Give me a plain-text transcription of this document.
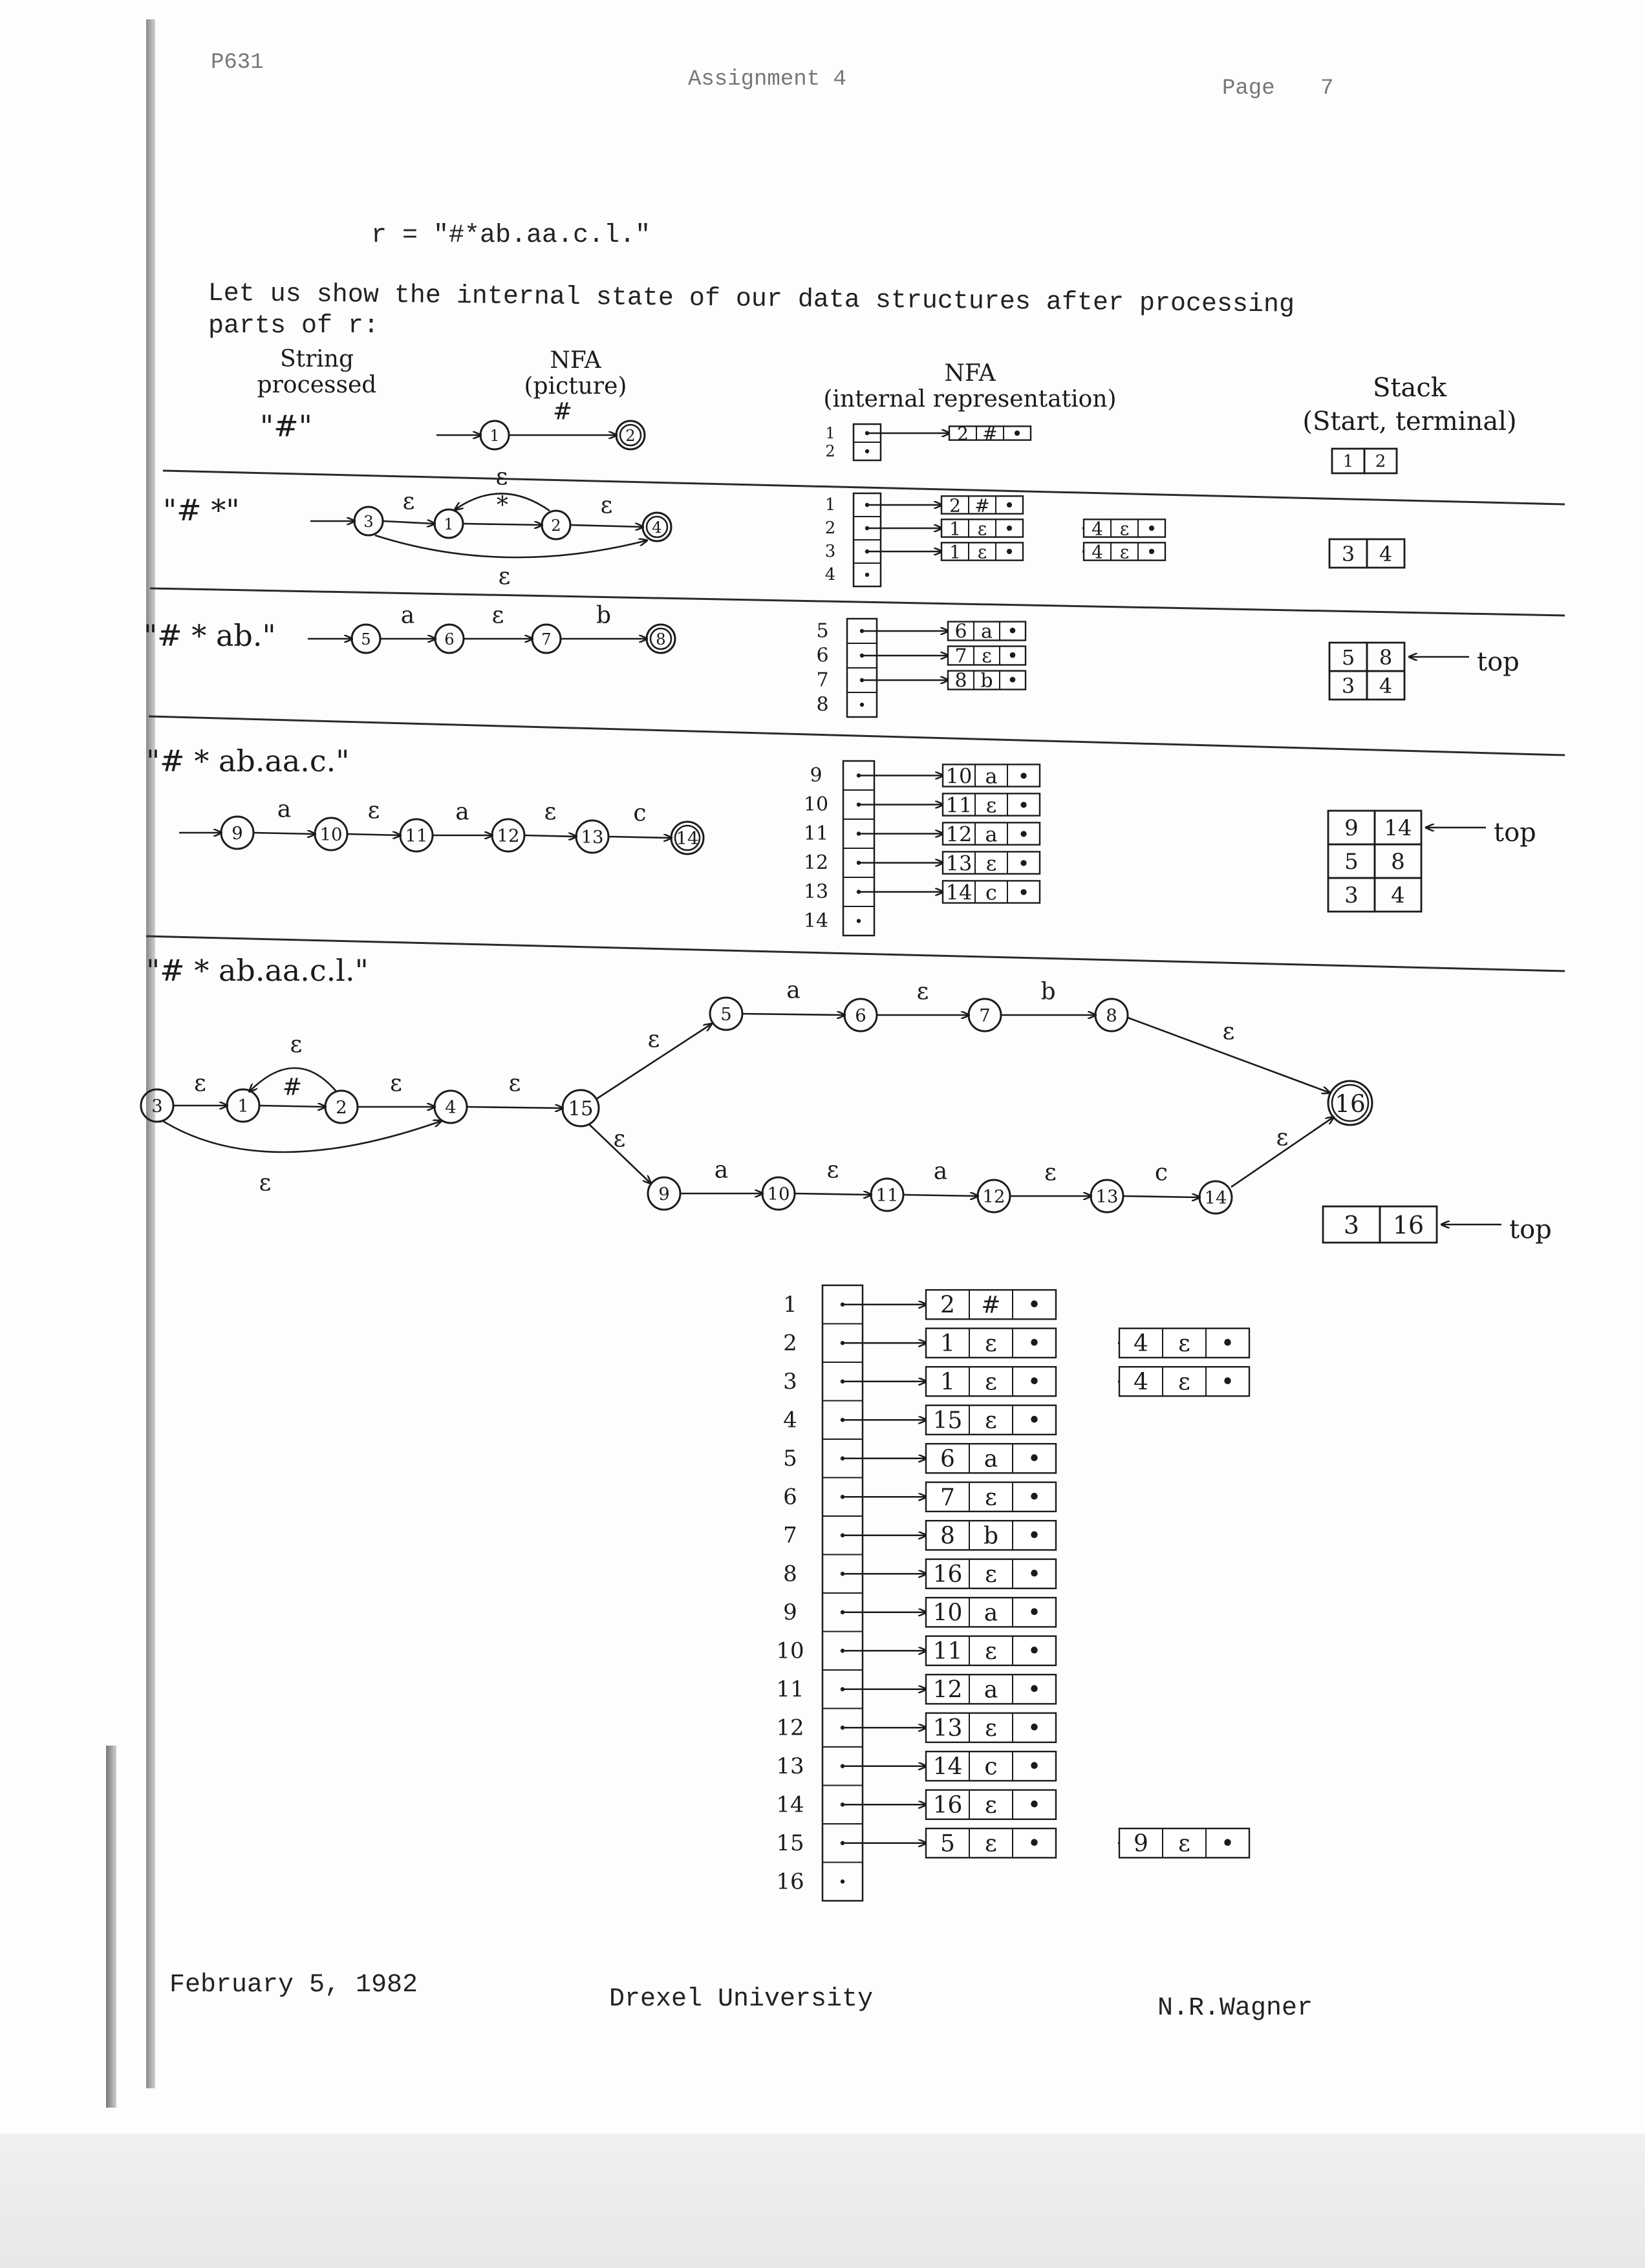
P631
Assignment 4	Page 7
r = "#*ab.aa.c.l."
Let us show the internal state of our data structures after processing
parts of r:
String
processed
NFA
(picture)	NFA
(internal representation)	Stack
(Start, terminal)
"#"
"# *"
"# * ab."
"# * ab.aa.c."
"# * ab.aa.c.l."
February 5, 1982	Drexel University	N.R.Wagner
1	2
#
3	1	2	4
ε	*	ε
ε
ε
5	6	7	8
a	ε	b
9	10	11	12	13	14
a	ε	a	ε	c
3	1	2	4	15
ε	#	ε	ε
ε
ε
5	6	7	8
a	ε	b
16
9	10	11	12	13	14
a	ε	a	ε	c
ε
ε
ε
ε
1	2 # •
2
1	2 # •
2	1 ε •	4 ε •
3	1 ε •	4 ε •
4
5	6 a •
6	7 ε •
7	8 b •
8
9	10 a •
10	11 ε •
11	12 a •
12	13 ε •
13	14 c •
14
1	2 # •
2	1 ε •	4 ε •
3	1 ε •	4 ε •
4	15 ε •
5	6 a •
6	7 ε •
7	8 b •
8	16 ε •
9	10 a •
10	11 ε •
11	12 a •
12	13 ε •
13	14 c •
14	16 ε •
15	5 ε •	9 ε •
16
1 2
3 4
5 8
3 4
top
9 14
5 8
3 4
top
3 16	top
